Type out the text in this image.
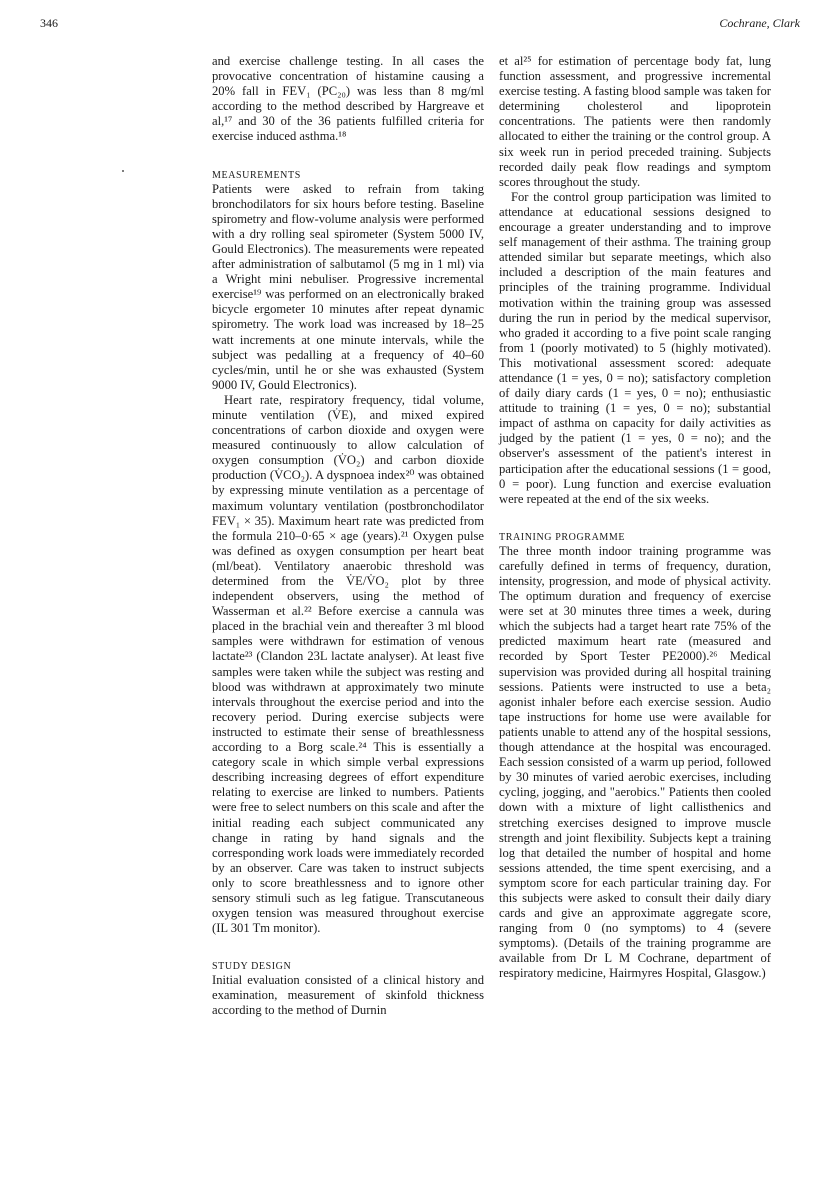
346	Cochrane, Clark

and exercise challenge testing. In all cases the provocative concentration of histamine causing a 20% fall in FEV₁ (PC₂₀) was less than 8 mg/ml according to the method described by Hargreave et al,¹⁷ and 30 of the 36 patients fulfilled criteria for exercise induced asthma.¹⁸

MEASUREMENTS

Patients were asked to refrain from taking bronchodilators for six hours before testing. Baseline spirometry and flow-volume analysis were performed with a dry rolling seal spirometer (System 5000 IV, Gould Electronics). The measurements were repeated after administration of salbutamol (5 mg in 1 ml) via a Wright mini nebuliser. Progressive incremental exercise¹⁹ was performed on an electronically braked bicycle ergometer 10 minutes after repeat dynamic spirometry. The work load was increased by 18–25 watt increments at one minute intervals, while the subject was pedalling at a frequency of 40–60 cycles/min, until he or she was exhausted (System 9000 IV, Gould Electronics).

Heart rate, respiratory frequency, tidal volume, minute ventilation (V̇E), and mixed expired concentrations of carbon dioxide and oxygen were measured continuously to allow calculation of oxygen consumption (V̇O₂) and carbon dioxide production (V̇CO₂). A dyspnoea index²⁰ was obtained by expressing minute ventilation as a percentage of maximum voluntary ventilation (postbronchodilator FEV₁ × 35). Maximum heart rate was predicted from the formula 210–0·65 × age (years).²¹ Oxygen pulse was defined as oxygen consumption per heart beat (ml/beat). Ventilatory anaerobic threshold was determined from the V̇E/V̇O₂ plot by three independent observers, using the method of Wasserman et al.²² Before exercise a cannula was placed in the brachial vein and thereafter 3 ml blood samples were withdrawn for estimation of venous lactate²³ (Clandon 23L lactate analyser). At least five samples were taken while the subject was resting and blood was withdrawn at approximately two minute intervals throughout the exercise period and into the recovery period. During exercise subjects were instructed to estimate their sense of breathlessness according to a Borg scale.²⁴ This is essentially a category scale in which simple verbal expressions describing increasing degrees of effort expenditure relating to exercise are linked to numbers. Patients were free to select numbers on this scale and after the initial reading each subject communicated any change in rating by hand signals and the corresponding work loads were immediately recorded by an observer. Care was taken to instruct subjects only to score breathlessness and to ignore other sensory stimuli such as leg fatigue. Transcutaneous oxygen tension was measured throughout exercise (IL 301 Tm monitor).

STUDY DESIGN

Initial evaluation consisted of a clinical history and examination, measurement of skinfold thickness according to the method of Durnin

et al²⁵ for estimation of percentage body fat, lung function assessment, and progressive incremental exercise testing. A fasting blood sample was taken for determining cholesterol and lipoprotein concentrations. The patients were then randomly allocated to either the training or the control group. A six week run in period preceded training. Subjects recorded daily peak flow readings and symptom scores throughout the study.

For the control group participation was limited to attendance at educational sessions designed to encourage a greater understanding and to improve self management of their asthma. The training group attended similar but separate meetings, which also included a description of the main features and principles of the training programme. Individual motivation within the training group was assessed during the run in period by the medical supervisor, who graded it according to a five point scale ranging from 1 (poorly motivated) to 5 (highly motivated). This motivational assessment scored: adequate attendance (1 = yes, 0 = no); satisfactory completion of daily diary cards (1 = yes, 0 = no); enthusiastic attitude to training (1 = yes, 0 = no); substantial impact of asthma on capacity for daily activities as judged by the patient (1 = yes, 0 = no); and the observer's assessment of the patient's interest in participation after the educational sessions (1 = good, 0 = poor). Lung function and exercise evaluation were repeated at the end of the six weeks.

TRAINING PROGRAMME

The three month indoor training programme was carefully defined in terms of frequency, duration, intensity, progression, and mode of physical activity. The optimum duration and frequency of exercise were set at 30 minutes three times a week, during which the subjects had a target heart rate 75% of the predicted maximum heart rate (measured and recorded by Sport Tester PE2000).²⁶ Medical supervision was provided during all hospital training sessions. Patients were instructed to use a beta₂ agonist inhaler before each exercise session. Audio tape instructions for home use were available for patients unable to attend any of the hospital sessions, though attendance at the hospital was encouraged. Each session consisted of a warm up period, followed by 30 minutes of varied aerobic exercises, including cycling, jogging, and "aerobics." Patients then cooled down with a mixture of light callisthenics and stretching exercises designed to improve muscle strength and joint flexibility. Subjects kept a training log that detailed the number of hospital and home sessions attended, the time spent exercising, and a symptom score for each particular training day. For this subjects were asked to consult their daily diary cards and give an approximate aggregate score, ranging from 0 (no symptoms) to 4 (severe symptoms). (Details of the training programme are available from Dr L M Cochrane, department of respiratory medicine, Hairmyres Hospital, Glasgow.)
